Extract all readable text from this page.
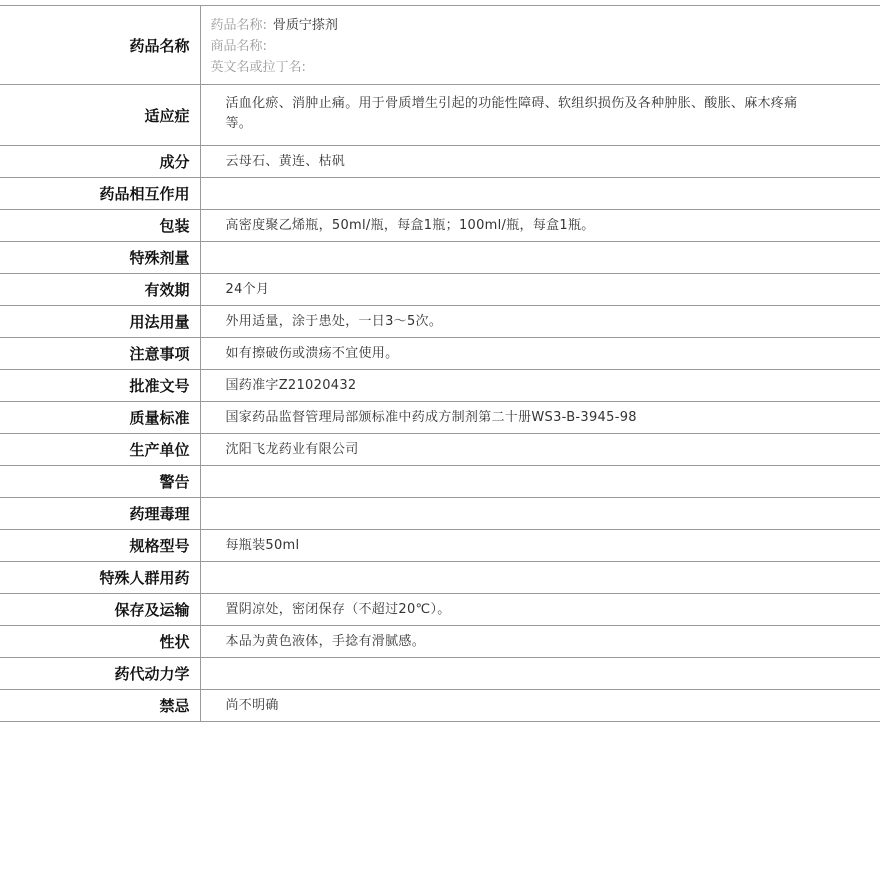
药品名称	药品名称: 骨质宁搽剂
商品名称:
英文名或拉丁名:

适应症	活血化瘀、消肿止痛。用于骨质增生引起的功能性障碍、软组织损伤及各种肿胀、酸胀、麻木疼痛等。
成分	云母石、黄连、枯矾
药品相互作用	
包装	高密度聚乙烯瓶，50ml/瓶，每盒1瓶；100ml/瓶，每盒1瓶。
特殊剂量	
有效期	24个月
用法用量	外用适量，涂于患处，一日3～5次。
注意事项	如有擦破伤或溃疡不宜使用。
批准文号	国药准字Z21020432
质量标准	国家药品监督管理局部颁标准中药成方制剂第二十册WS3-B-3945-98
生产单位	沈阳飞龙药业有限公司
警告	
药理毒理	
规格型号	每瓶装50ml
特殊人群用药	
保存及运输	置阴凉处，密闭保存（不超过20℃）。
性状	本品为黄色液体，手捻有滑腻感。
药代动力学	
禁忌	尚不明确
